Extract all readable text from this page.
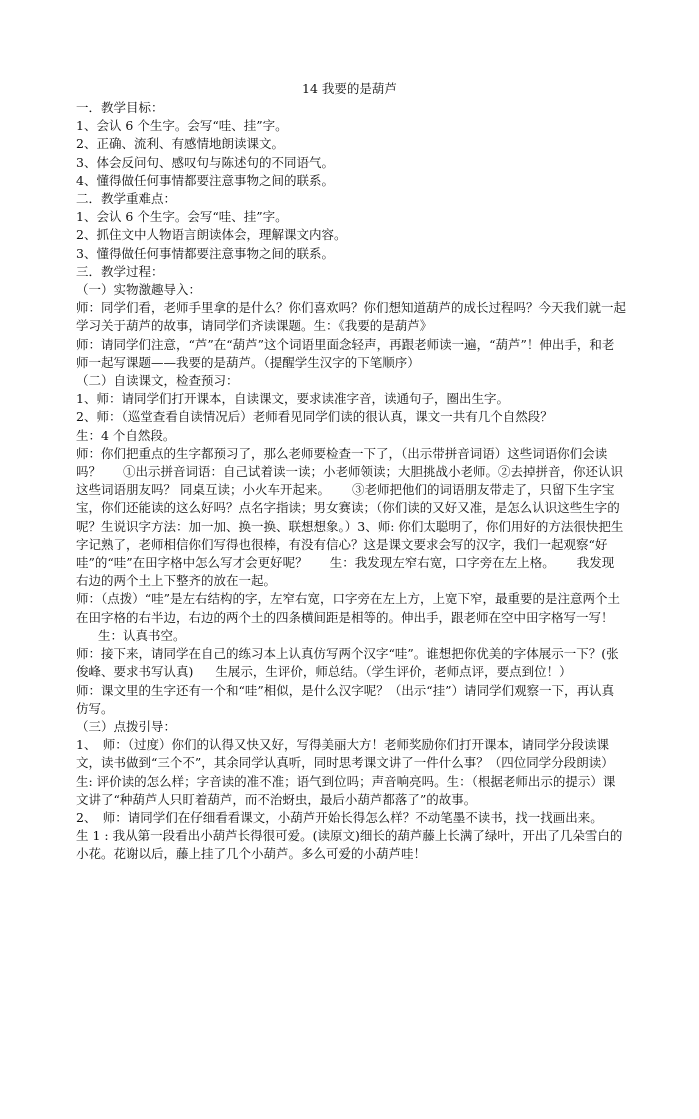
14 我要的是葫芦

一．教学目标：

1、会认 6 个生字。会写“哇、挂”字。

2、正确、流利、有感情地朗读课文。

3、体会反问句、感叹句与陈述句的不同语气。

4、懂得做任何事情都要注意事物之间的联系。

二．教学重难点：

1、会认 6 个生字。会写“哇、挂”字。

2、抓住文中人物语言朗读体会，理解课文内容。

3、懂得做任何事情都要注意事物之间的联系。

三．教学过程：

（一）实物激趣导入：

师：同学们看，老师手里拿的是什么？你们喜欢吗？你们想知道葫芦的成长过程吗？今天我们就一起学习关于葫芦的故事，请同学们齐读课题。生：《我要的是葫芦》

师：请同学们注意，“芦”在“葫芦”这个词语里面念轻声，再跟老师读一遍，“葫芦”！伸出手，和老师一起写课题——我要的是葫芦。（提醒学生汉字的下笔顺序）

（二）自读课文，检查预习：

1、师：请同学们打开课本，自读课文，要求读准字音，读通句子，圈出生字。

2、师：（巡堂查看自读情况后）老师看见同学们读的很认真，课文一共有几个自然段？

生：4 个自然段。

师：你们把重点的生字都预习了，那么老师要检查一下了，（出示带拼音词语）这些词语你们会读吗？ ①出示拼音词语：自己试着读一读；小老师领读；大胆挑战小老师。②去掉拼音，你还认识这些词语朋友吗？ 同桌互读；小火车开起来。 ③老师把他们的词语朋友带走了，只留下生字宝宝，你们还能读的这么好吗？点名字指读；男女赛读；（你们读的又好又准，是怎么认识这些生字的呢？生说识字方法：加一加、换一换、联想想象。）3、师: 你们太聪明了，你们用好的方法很快把生字记熟了，老师相信你们写得也很棒，有没有信心？这是课文要求会写的汉字，我们一起观察“好哇”的“哇”在田字格中怎么写才会更好呢？ 生：我发现左窄右宽，口字旁在左上格。 我发现右边的两个土上下整齐的放在一起。

师：（点拨）“哇”是左右结构的字，左窄右宽，口字旁在左上方，上宽下窄，最重要的是注意两个土在田字格的右半边，右边的两个土的四条横间距是相等的。伸出手，跟老师在空中田字格写一写！生：认真书空。

师：接下来，请同学在自己的练习本上认真仿写两个汉字“哇”。谁想把你优美的字体展示一下？(张俊峰、要求书写认真) 生展示，生评价，师总结。（学生评价，老师点评，要点到位！）

师：课文里的生字还有一个和“哇”相似，是什么汉字呢？（出示“挂”）请同学们观察一下，再认真仿写。

（三）点拨引导：

1、　师：（过度）你们的认得又快又好，写得美丽大方！老师奖励你们打开课本，请同学分段读课文，读书做到“三个不”，其余同学认真听，同时思考课文讲了一件什么事？（四位同学分段朗读）生: 评价读的怎么样；字音读的准不准；语气到位吗；声音响亮吗。生：（根据老师出示的提示）课文讲了“种葫芦人只盯着葫芦，而不治蚜虫，最后小葫芦都落了”的故事。

2、　师：请同学们在仔细看看课文，小葫芦开始长得怎么样？不动笔墨不读书，找一找画出来。生 1 : 我从第一段看出小葫芦长得很可爱。(读原文)细长的葫芦藤上长满了绿叶，开出了几朵雪白的小花。花谢以后，藤上挂了几个小葫芦。多么可爱的小葫芦哇！
